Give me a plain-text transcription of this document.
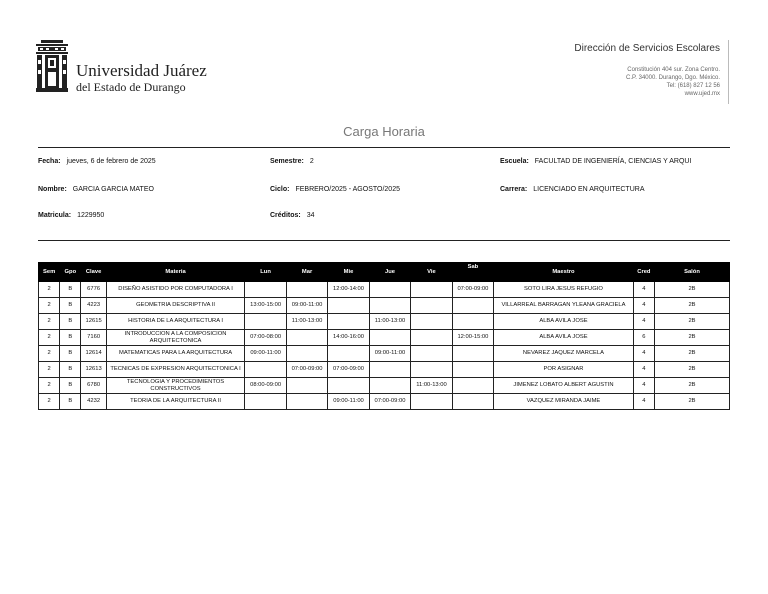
Universidad Juárez
del Estado de Durango
Dirección de Servicios Escolares
Constitución 404 sur. Zona Centro.
C.P. 34000. Durango, Dgo. México.
Tel: (618) 827 12 56
www.ujed.mx
Carga Horaria
Fecha: jueves, 6 de febrero de 2025	Semestre: 2	Escuela: FACULTAD DE INGENIERÍA, CIENCIAS Y ARQUI
Nombre: GARCIA GARCIA MATEO	Ciclo: FEBRERO/2025 - AGOSTO/2025	Carrera: LICENCIADO EN ARQUITECTURA
Matricula: 1229950	Créditos: 34
Sem	Gpo	Clave	Materia	Lun	Mar	Mie	Jue	Vie	Sab	Maestro	Cred	Salón
2	B	6776	DISEÑO ASISTIDO POR COMPUTADORA I			12:00-14:00			07:00-09:00	SOTO LIRA JESUS REFUGIO	4	2B
2	B	4223	GEOMETRIA DESCRIPTIVA II	13:00-15:00	09:00-11:00					VILLARREAL BARRAGAN YLEANA GRACIELA	4	2B
2	B	12615	HISTORIA DE LA ARQUITECTURA I		11:00-13:00		11:00-13:00			ALBA AVILA JOSE	4	2B
2	B	7160	INTRODUCCION A LA COMPOSICION ARQUITECTONICA	07:00-08:00		14:00-16:00			12:00-15:00	ALBA AVILA JOSE	6	2B
2	B	12614	MATEMATICAS PARA LA ARQUITECTURA	09:00-11:00			09:00-11:00			NEVAREZ JAQUEZ MARCELA	4	2B
2	B	12613	TECNICAS DE EXPRESION ARQUITECTONICA I		07:00-09:00	07:00-09:00				POR ASIGNAR	4	2B
2	B	6780	TECNOLOGIA Y PROCEDIMIENTOS CONSTRUCTIVOS	08:00-09:00				11:00-13:00		JIMENEZ LOBATO ALBERT AGUSTIN	4	2B
2	B	4232	TEORIA DE LA ARQUITECTURA II			09:00-11:00	07:00-09:00			VAZQUEZ MIRANDA JAIME	4	2B
